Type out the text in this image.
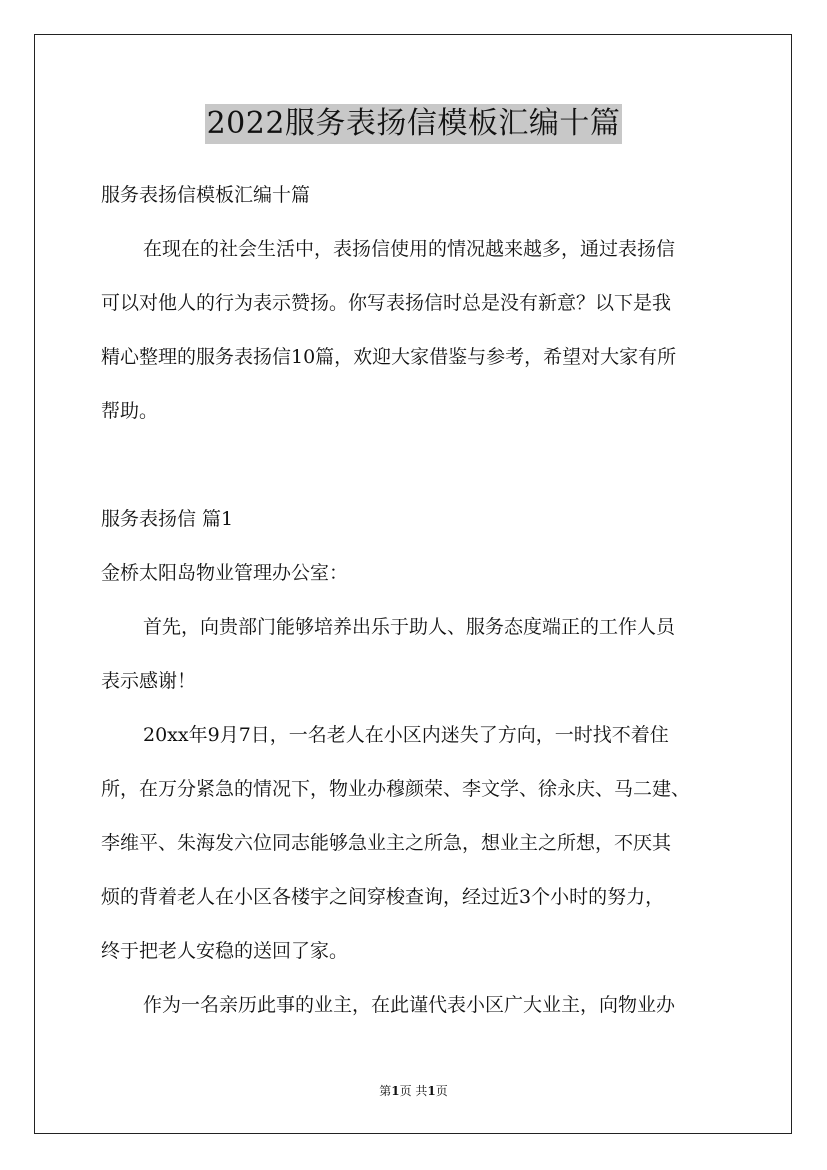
2022服务表扬信模板汇编十篇
服务表扬信模板汇编十篇
在现在的社会生活中，表扬信使用的情况越来越多，通过表扬信
可以对他人的行为表示赞扬。你写表扬信时总是没有新意？以下是我
精心整理的服务表扬信10篇，欢迎大家借鉴与参考，希望对大家有所
帮助。
服务表扬信 篇1
金桥太阳岛物业管理办公室：
首先，向贵部门能够培养出乐于助人、服务态度端正的工作人员
表示感谢！
20xx年9月7日，一名老人在小区内迷失了方向，一时找不着住
所，在万分紧急的情况下，物业办穆颜荣、李文学、徐永庆、马二建、
李维平、朱海发六位同志能够急业主之所急，想业主之所想，不厌其
烦的背着老人在小区各楼宇之间穿梭查询，经过近3个小时的努力，
终于把老人安稳的送回了家。
作为一名亲历此事的业主，在此谨代表小区广大业主，向物业办
第1页 共1页
